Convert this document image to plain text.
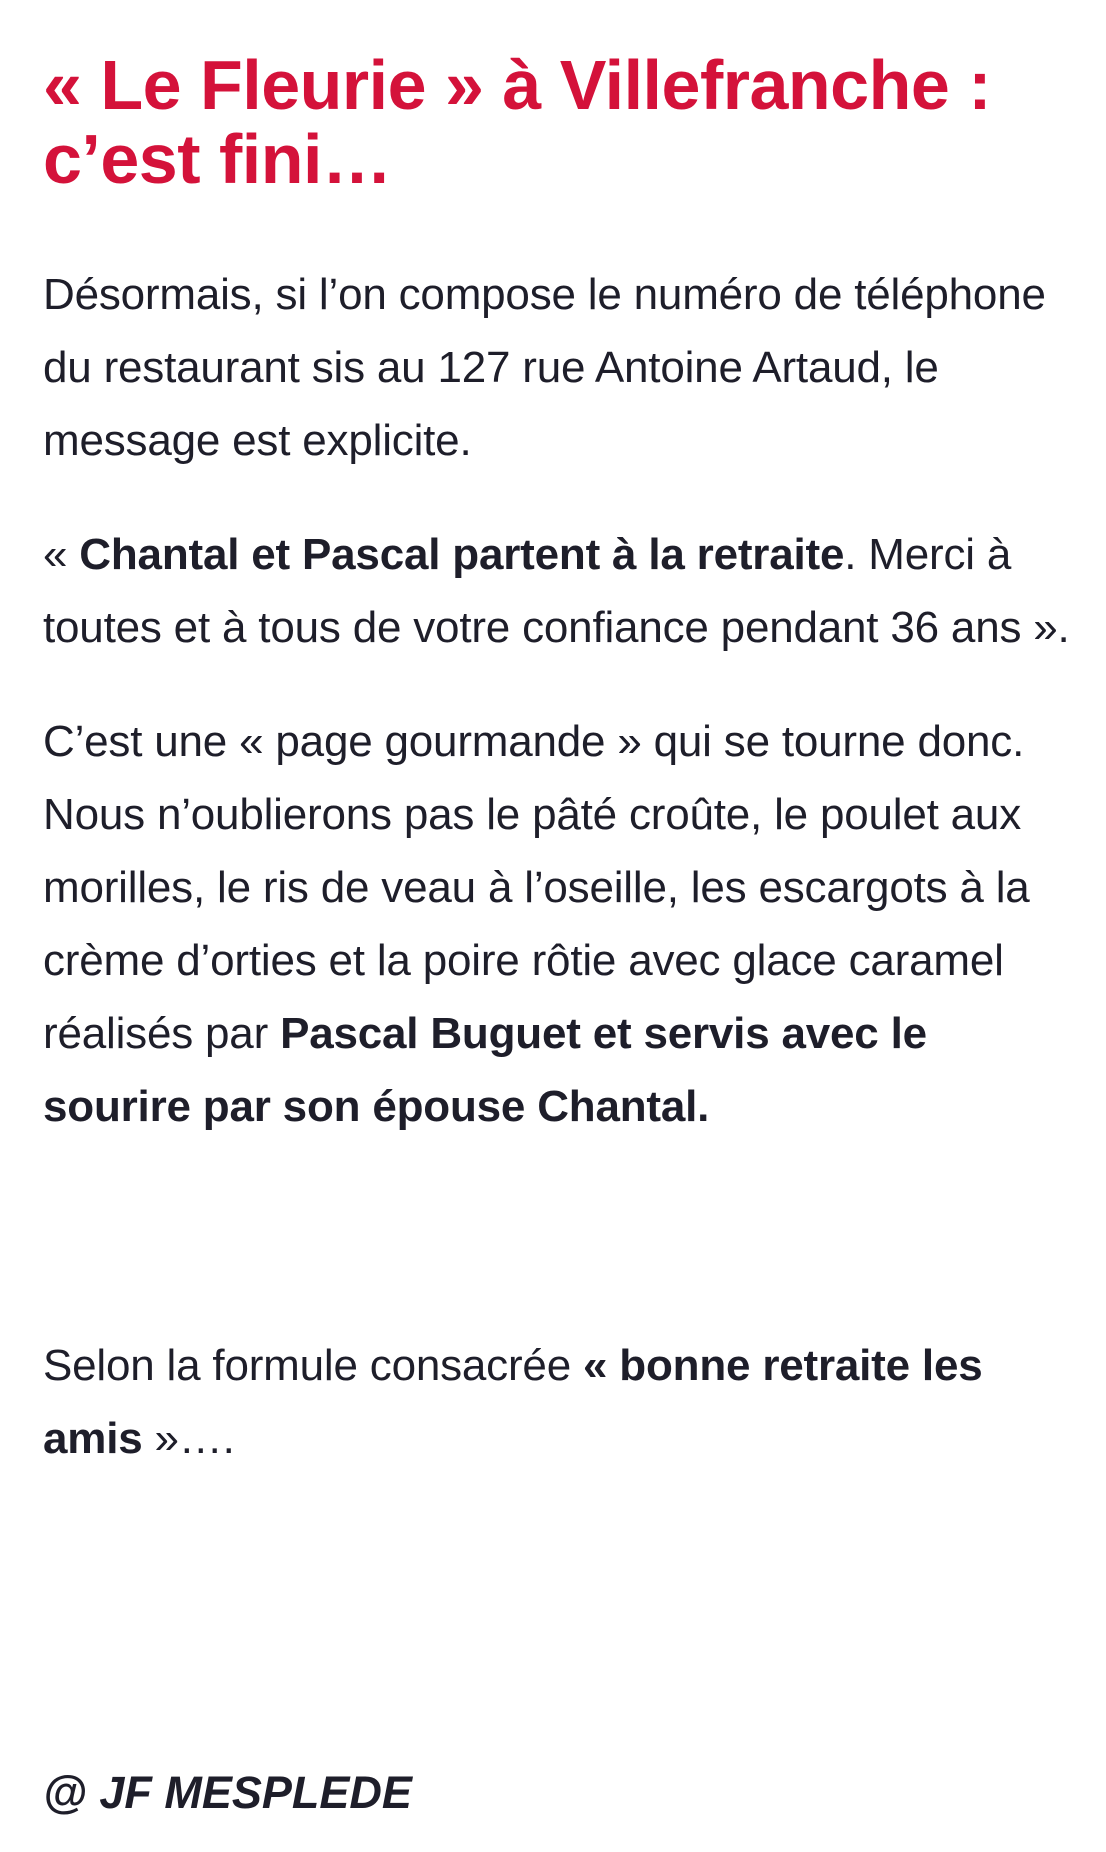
« Le Fleurie » à Villefranche :
c’est fini…

Désormais, si l’on compose le numéro de téléphone du restaurant sis au 127 rue Antoine Artaud, le message est explicite.

« Chantal et Pascal partent à la retraite. Merci à toutes et à tous de votre confiance pendant 36 ans ».

C’est une « page gourmande » qui se tourne donc. Nous n’oublierons pas le pâté croûte, le poulet aux morilles, le ris de veau à l’oseille, les escargots à la crème d’orties et la poire rôtie avec glace caramel réalisés par Pascal Buguet et servis avec le sourire par son épouse Chantal.

Selon la formule consacrée « bonne retraite les amis »….

@ JF MESPLEDE
